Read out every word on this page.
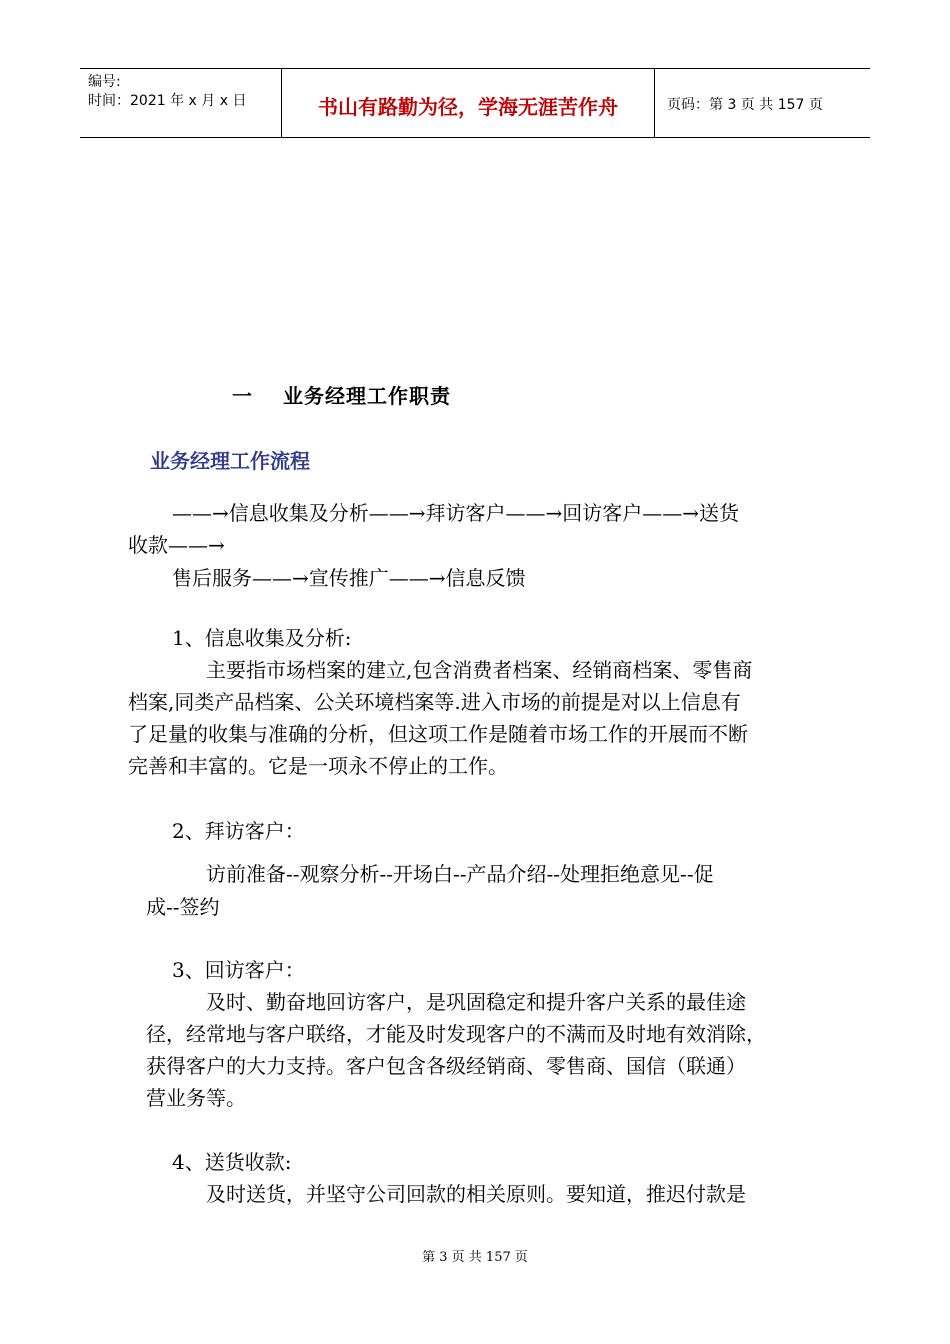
编号:
时间：2021 年 x 月 x 日	书山有路勤为径，学海无涯苦作舟	页码：第 3 页 共 157 页
一 业务经理工作职责
业务经理工作流程
——→信息收集及分析——→拜访客户——→回访客户——→送货
收款——→
售后服务——→宣传推广——→信息反馈
1、信息收集及分析:
主要指市场档案的建立,包含消费者档案、经销商档案、零售商
档案,同类产品档案、公关环境档案等.进入市场的前提是对以上信息有
了足量的收集与准确的分析，但这项工作是随着市场工作的开展而不断
完善和丰富的。它是一项永不停止的工作。
2、拜访客户：
访前准备--观察分析--开场白--产品介绍--处理拒绝意见--促
成--签约
3、回访客户：
及时、勤奋地回访客户，是巩固稳定和提升客户关系的最佳途
径，经常地与客户联络，才能及时发现客户的不满而及时地有效消除，
获得客户的大力支持。客户包含各级经销商、零售商、国信（联通）
营业务等。
4、送货收款:
及时送货，并坚守公司回款的相关原则。要知道，推迟付款是
第 3 页 共 157 页
